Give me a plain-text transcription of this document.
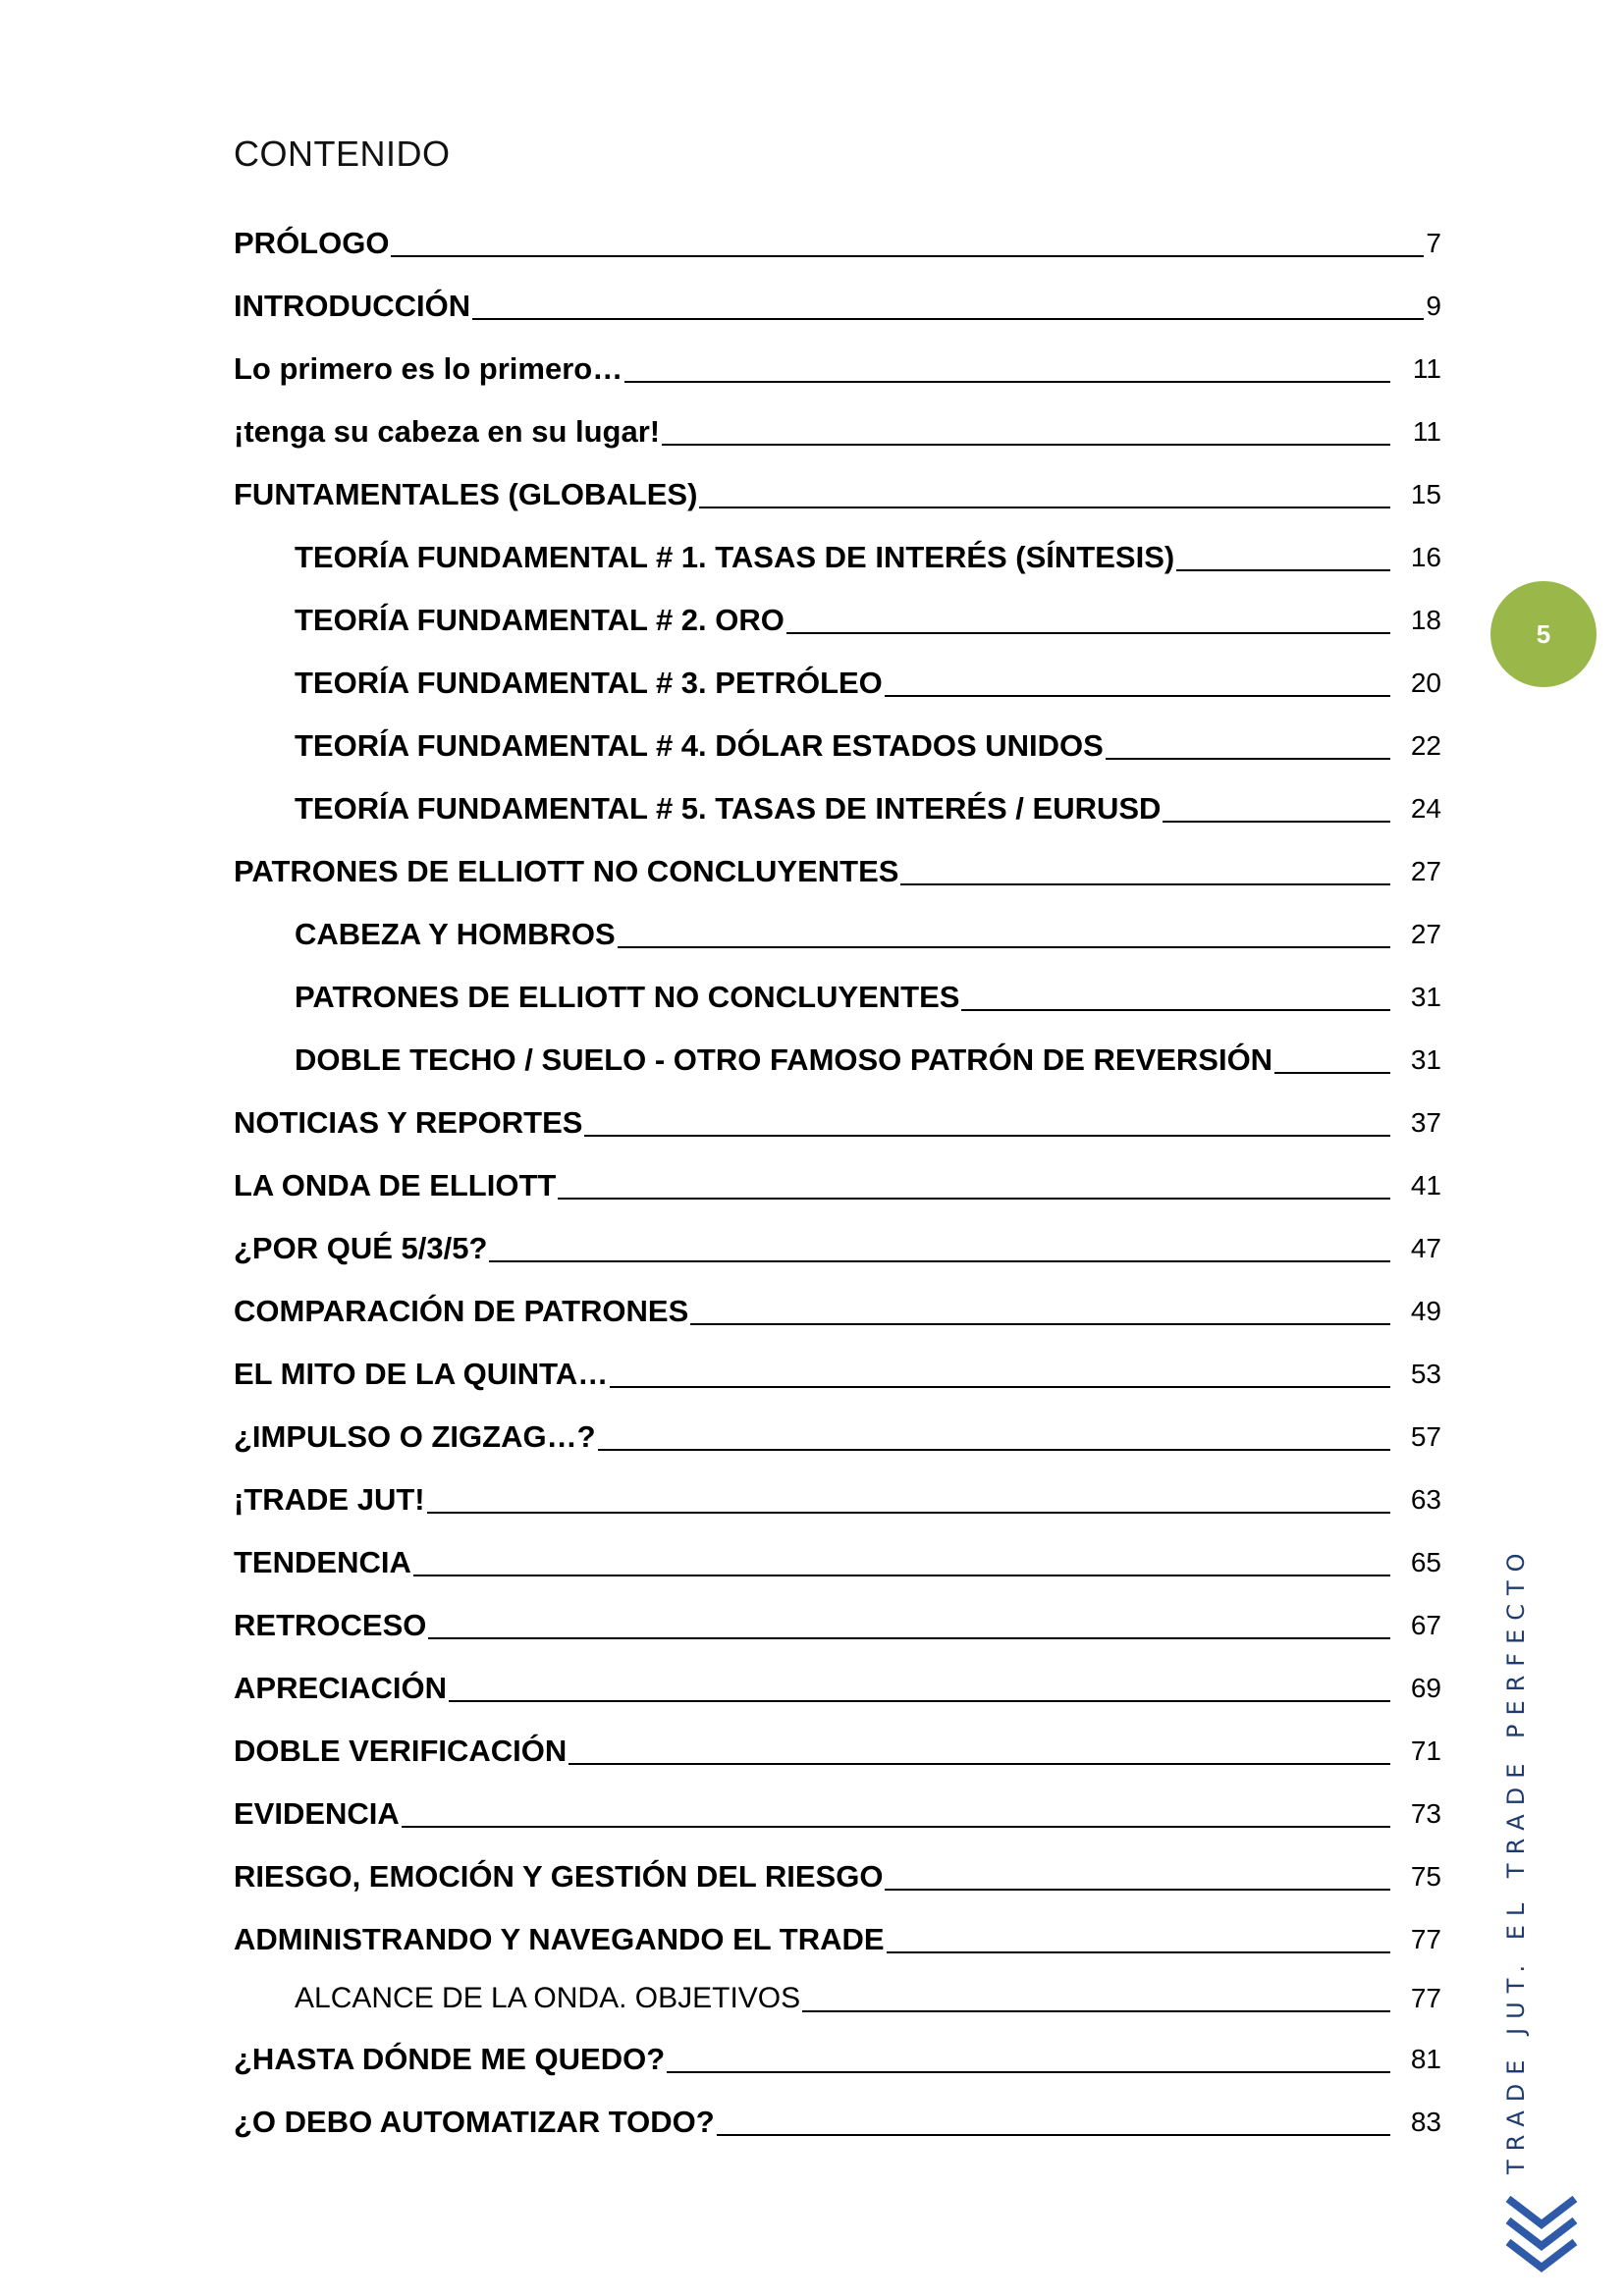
CONTENIDO
PRÓLOGO	7
INTRODUCCIÓN	9
Lo primero es lo primero…	11
¡tenga su cabeza en su lugar!	11
FUNTAMENTALES (GLOBALES)	15
TEORÍA FUNDAMENTAL # 1. TASAS DE INTERÉS (SÍNTESIS)	16
TEORÍA FUNDAMENTAL # 2. ORO	18
TEORÍA FUNDAMENTAL # 3. PETRÓLEO	20
TEORÍA FUNDAMENTAL # 4. DÓLAR ESTADOS UNIDOS	22
TEORÍA FUNDAMENTAL # 5. TASAS DE INTERÉS / EURUSD	24
PATRONES DE ELLIOTT NO CONCLUYENTES	27
CABEZA Y HOMBROS	27
PATRONES DE ELLIOTT NO CONCLUYENTES	31
DOBLE TECHO / SUELO - OTRO FAMOSO PATRÓN DE REVERSIÓN	31
NOTICIAS Y REPORTES	37
LA ONDA DE ELLIOTT	41
¿POR QUÉ 5/3/5?	47
COMPARACIÓN DE PATRONES	49
EL MITO DE LA QUINTA…	53
¿IMPULSO O ZIGZAG…?	57
¡TRADE JUT!	63
TENDENCIA	65
RETROCESO	67
APRECIACIÓN	69
DOBLE VERIFICACIÓN	71
EVIDENCIA	73
RIESGO, EMOCIÓN Y GESTIÓN DEL RIESGO	75
ADMINISTRANDO Y NAVEGANDO EL TRADE	77
ALCANCE DE LA ONDA. OBJETIVOS	77
¿HASTA DÓNDE ME QUEDO?	81
¿O DEBO AUTOMATIZAR TODO?	83
5
TRADE JUT. EL TRADE PERFECTO
